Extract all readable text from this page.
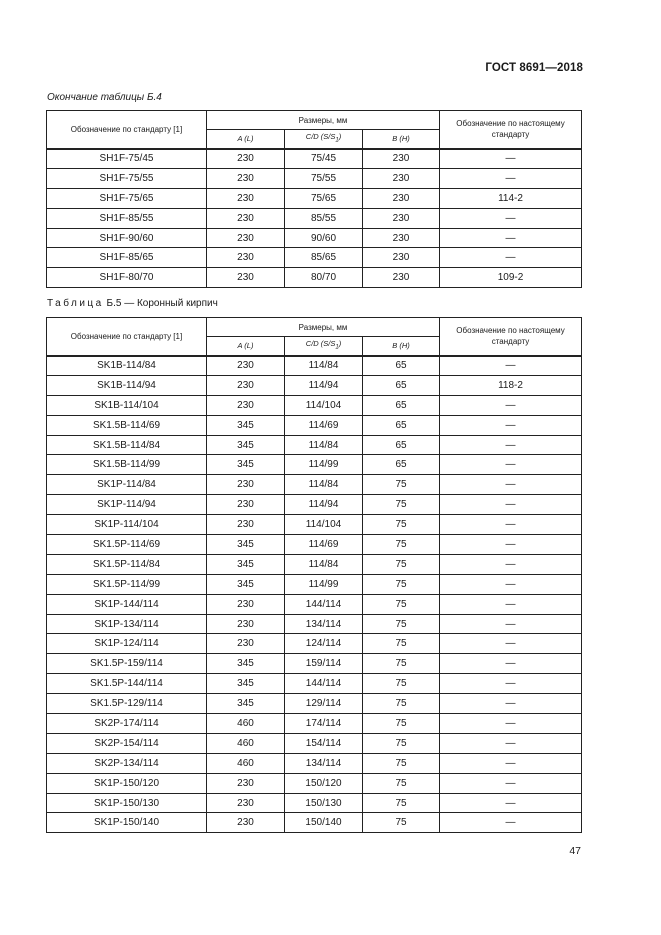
ГОСТ 8691—2018
Окончание таблицы Б.4
Обозначение по стандарту [1]	Размеры, мм			Обозначение по настоящему стандарту
	A (L)	C/D $(S/S_1)$	B (H)	
SH1F-75/45	230	75/45	230	—
SH1F-75/55	230	75/55	230	—
SH1F-75/65	230	75/65	230	114-2
SH1F-85/55	230	85/55	230	—
SH1F-90/60	230	90/60	230	—
SH1F-85/65	230	85/65	230	—
SH1F-80/70	230	80/70	230	109-2
Таблица Б.5 — Коронный кирпич
Обозначение по стандарту [1]	Размеры, мм			Обозначение по настоящему стандарту
	A (L)	C/D $(S/S_1)$	B (H)	
SK1B-114/84	230	114/84	65	—
SK1B-114/94	230	114/94	65	118-2
SK1B-114/104	230	114/104	65	—
SK1.5B-114/69	345	114/69	65	—
SK1.5B-114/84	345	114/84	65	—
SK1.5B-114/99	345	114/99	65	—
SK1P-114/84	230	114/84	75	—
SK1P-114/94	230	114/94	75	—
SK1P-114/104	230	114/104	75	—
SK1.5P-114/69	345	114/69	75	—
SK1.5P-114/84	345	114/84	75	—
SK1.5P-114/99	345	114/99	75	—
SK1P-144/114	230	144/114	75	—
SK1P-134/114	230	134/114	75	—
SK1P-124/114	230	124/114	75	—
SK1.5P-159/114	345	159/114	75	—
SK1.5P-144/114	345	144/114	75	—
SK1.5P-129/114	345	129/114	75	—
SK2P-174/114	460	174/114	75	—
SK2P-154/114	460	154/114	75	—
SK2P-134/114	460	134/114	75	—
SK1P-150/120	230	150/120	75	—
SK1P-150/130	230	150/130	75	—
SK1P-150/140	230	150/140	75	—
47
